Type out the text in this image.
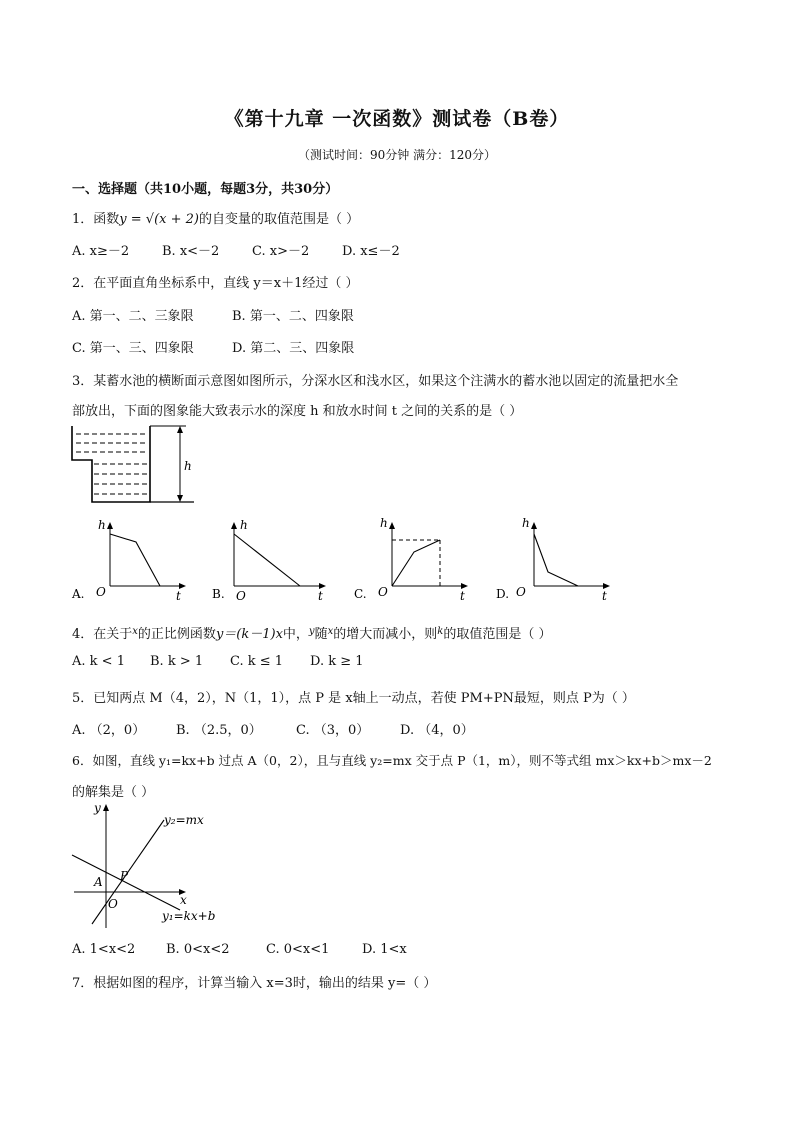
《第十九章 一次函数》测试卷（B卷）
（测试时间：90分钟 满分：120分）
一、选择题（共10小题，每题3分，共30分）
1．函数y = √(x + 2)的自变量的取值范围是（ ）
A. x≥－2	B. x<－2	C. x>－2	D. x≤－2
2．在平面直角坐标系中，直线 y＝x＋1经过（ ）
A. 第一、二、三象限	B. 第一、二、四象限
C. 第一、三、四象限	D. 第二、三、四象限
3．某蓄水池的横断面示意图如图所示，分深水区和浅水区，如果这个注满水的蓄水池以固定的流量把水全
部放出，下面的图象能大致表示水的深度 h 和放水时间 t 之间的关系的是（ ）
h
A.
h
t
O	B.
h
t
O	C.
h
t
O	D.
h
t
O
4．在关于$^x$的正比例函数y＝(k－1)x中，$^y$随$^x$的增大而减小，则$^k$的取值范围是（ ）
A. k < 1 B. k > 1 C. k ≤ 1 D. k ≥ 1
5．已知两点 M（4，2），N（1，1），点 P 是 x轴上一动点，若使 PM+PN最短，则点 P为（ ）
A. （2，0） B. （2.5，0）	C. （3，0） D. （4，0）
6．如图，直线 y₁=kx+b 过点 A（0，2），且与直线 y₂=mx 交于点 P（1，m），则不等式组 mx＞kx+b＞mx－2
的解集是（ ）
y
x
O
A P
y₂=mx
y₁=kx+b
A. 1<x<2 B. 0<x<2	C. 0<x<1	D. 1<x
7．根据如图的程序，计算当输入 x=3时，输出的结果 y=（ ）
